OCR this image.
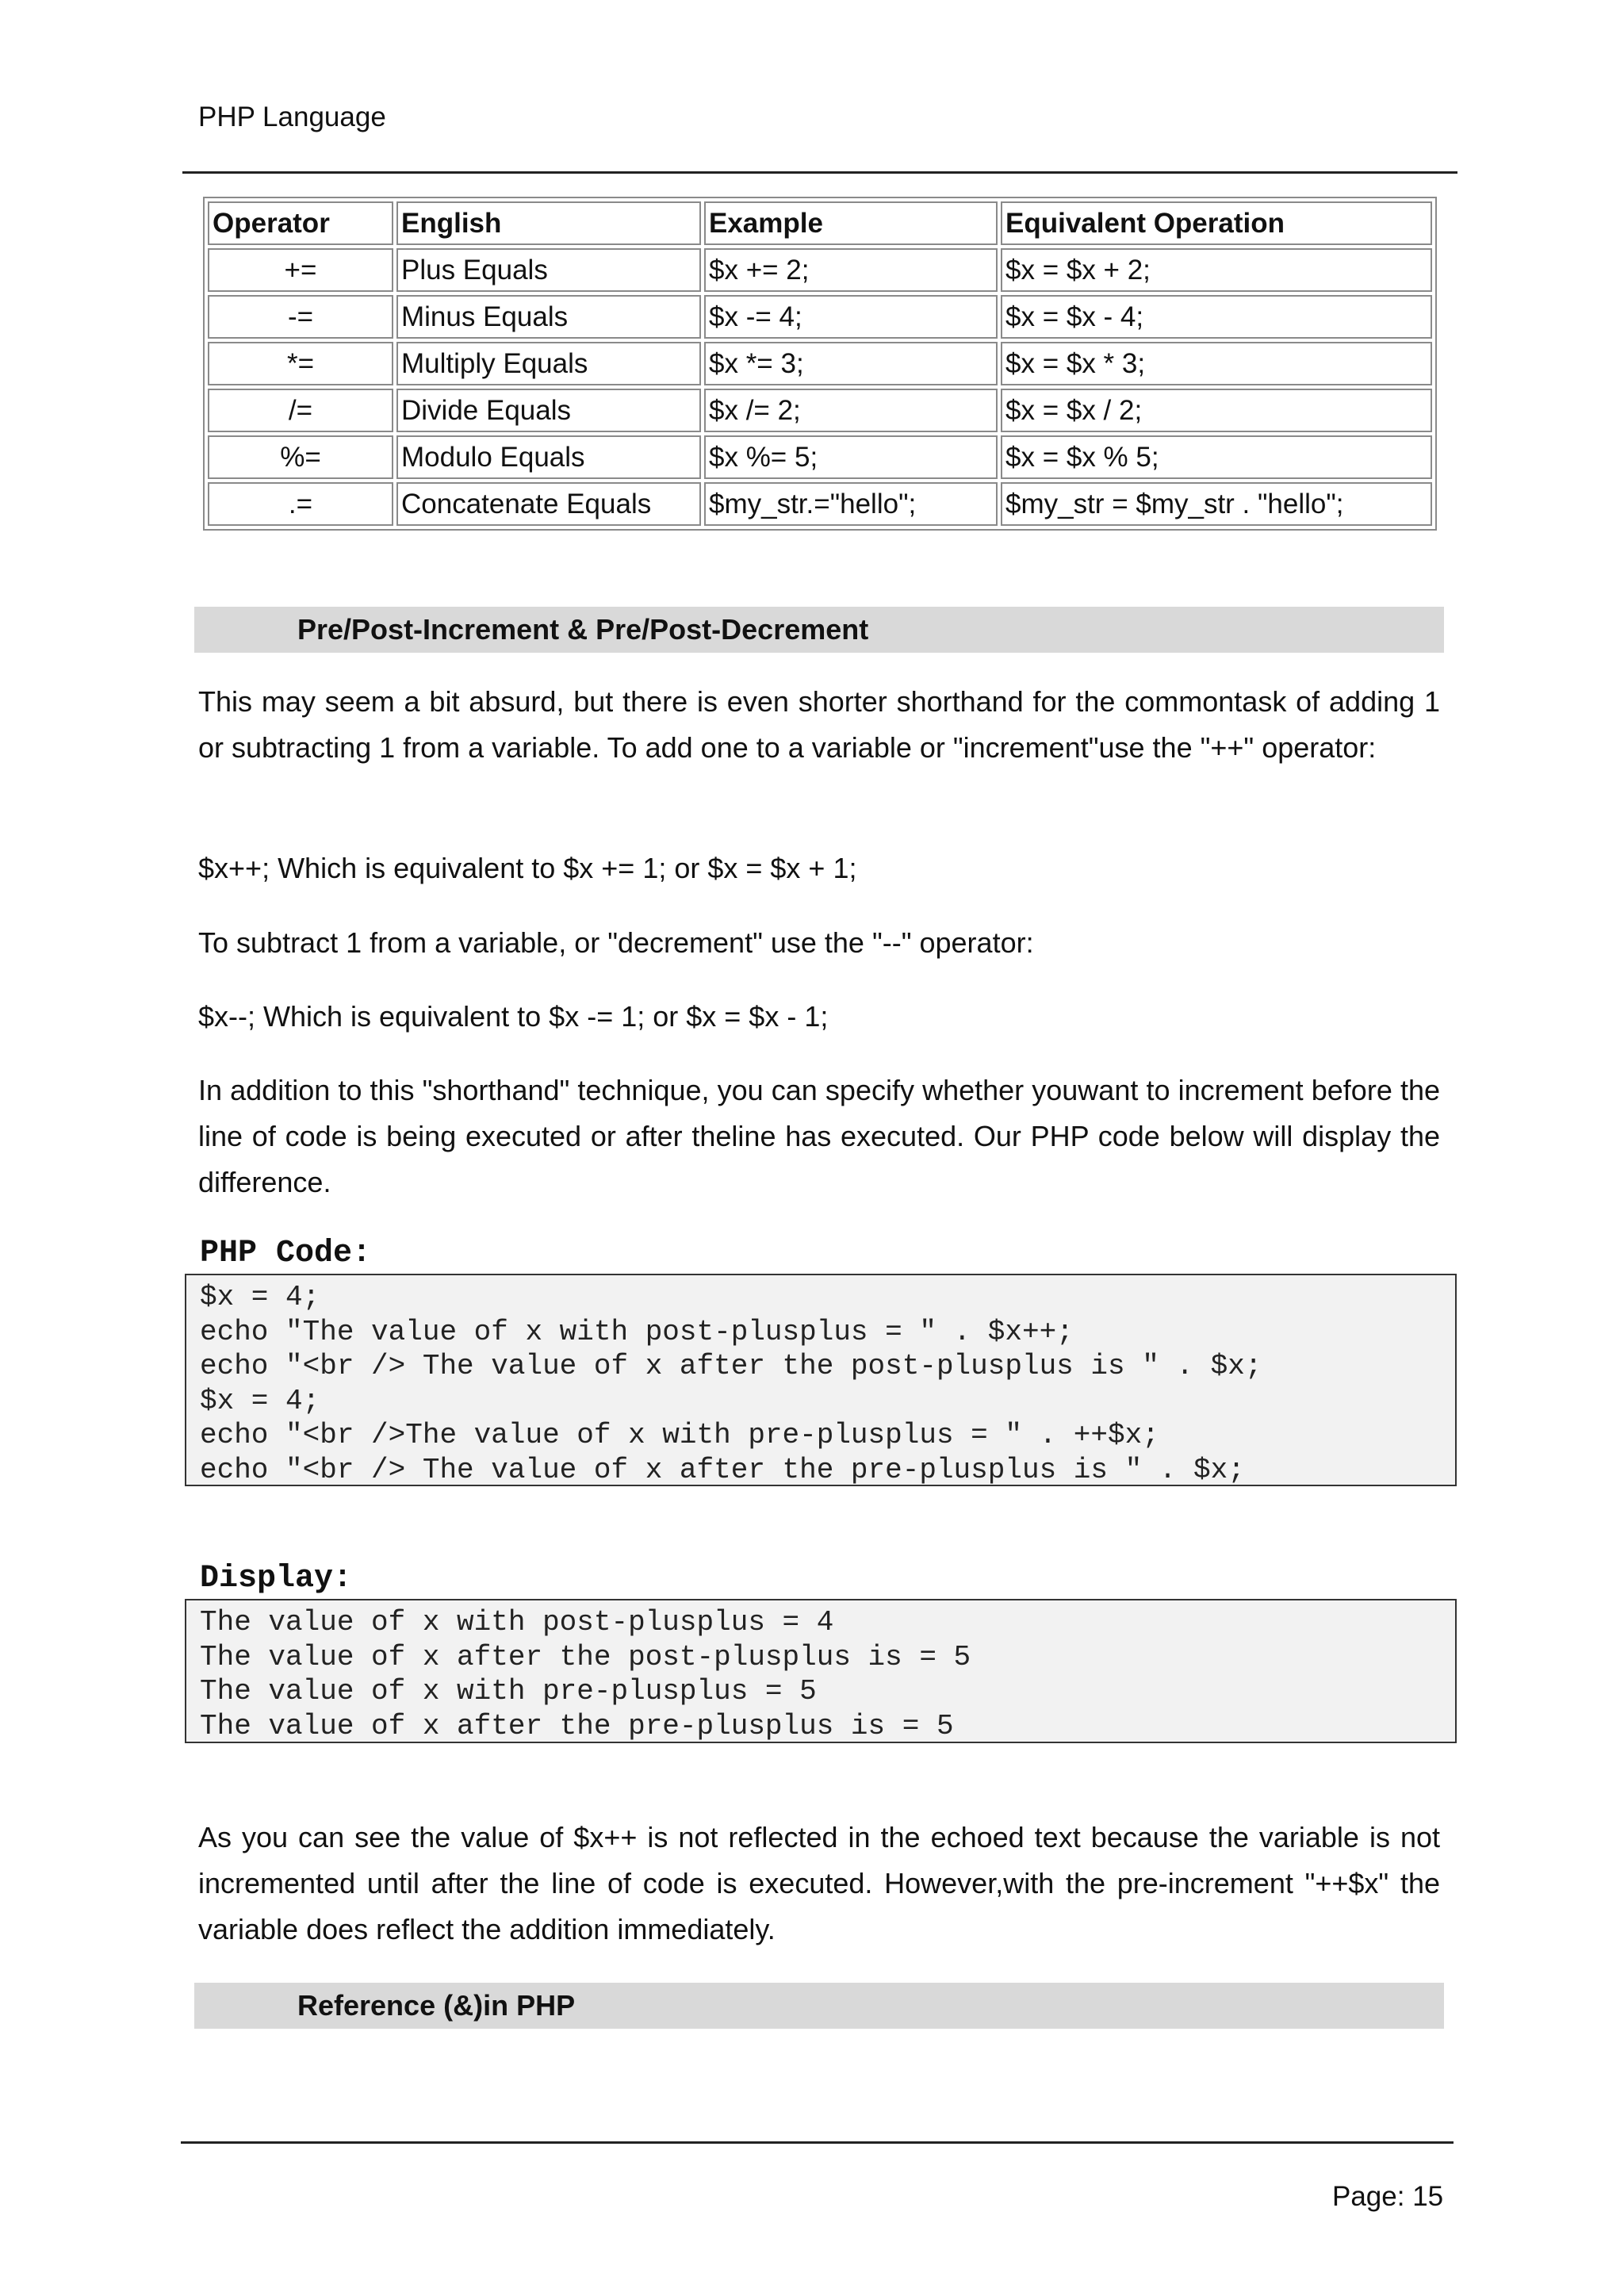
PHP Language
Operator	English	Example	Equivalent Operation
+=	Plus Equals	$x += 2;	$x = $x + 2;
-=	Minus Equals	$x -= 4;	$x = $x - 4;
*=	Multiply Equals	$x *= 3;	$x = $x * 3;
/=	Divide Equals	$x /= 2;	$x = $x / 2;
%=	Modulo Equals	$x %= 5;	$x = $x % 5;
.=	Concatenate Equals	$my_str.="hello";	$my_str = $my_str . "hello";
Pre/Post-Increment & Pre/Post-Decrement

This may seem a bit absurd, but there is even shorter shorthand for the commontask of adding 1 or subtracting 1 from a variable. To add one to a variable or "increment"use the "++" operator:

$x++; Which is equivalent to $x += 1; or $x = $x + 1;

To subtract 1 from a variable, or "decrement" use the "--" operator:

$x--; Which is equivalent to $x -= 1; or $x = $x - 1;

In addition to this "shorthand" technique, you can specify whether youwant to increment before the line of code is being executed or after theline has executed. Our PHP code below will display the difference.

PHP Code:
$x = 4;
echo "The value of x with post-plusplus = " . $x++;
echo "<br /> The value of x after the post-plusplus is " . $x;
$x = 4;
echo "<br />The value of x with pre-plusplus = " . ++$x;
echo "<br /> The value of x after the pre-plusplus is " . $x;
Display:
The value of x with post-plusplus = 4
The value of x after the post-plusplus is = 5
The value of x with pre-plusplus = 5
The value of x after the pre-plusplus is = 5

As you can see the value of $x++ is not reflected in the echoed text because the variable is not incremented until after the line of code is executed. However,with the pre-increment "++$x" the variable does reflect the addition immediately.

Reference (&)in PHP
Page: 15
